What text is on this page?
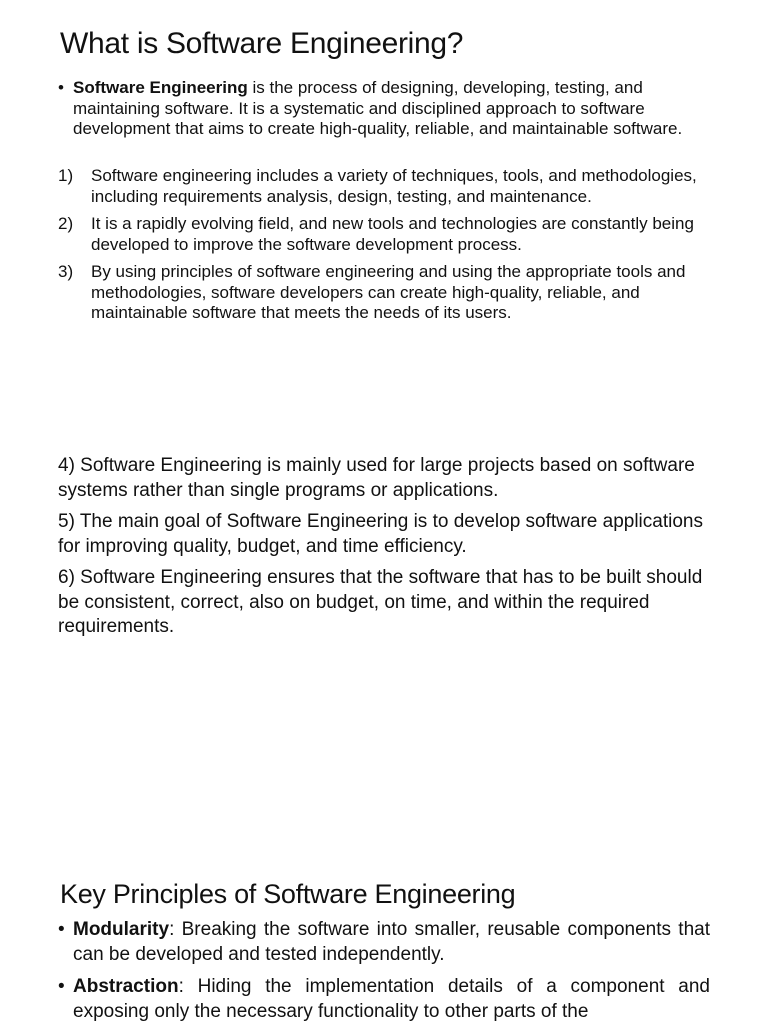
What is Software Engineering?
• Software Engineering is the process of designing, developing, testing, and maintaining software. It is a systematic and disciplined approach to software development that aims to create high-quality, reliable, and maintainable software.
1)	Software engineering includes a variety of techniques, tools, and methodologies, including requirements analysis, design, testing, and maintenance.
2)	It is a rapidly evolving field, and new tools and technologies are constantly being developed to improve the software development process.
3)	By using principles of software engineering and using the appropriate tools and methodologies, software developers can create high-quality, reliable, and maintainable software that meets the needs of its users.

4) Software Engineering is mainly used for large projects based on software systems rather than single programs or applications.

5) The main goal of Software Engineering is to develop software applications for improving quality, budget, and time efficiency.

6) Software Engineering ensures that the software that has to be built should be consistent, correct, also on budget, on time, and within the required requirements.

Key Principles of Software Engineering
• Modularity: Breaking the software into smaller, reusable components that can be developed and tested independently.
• Abstraction: Hiding the implementation details of a component and exposing only the necessary functionality to other parts of the
